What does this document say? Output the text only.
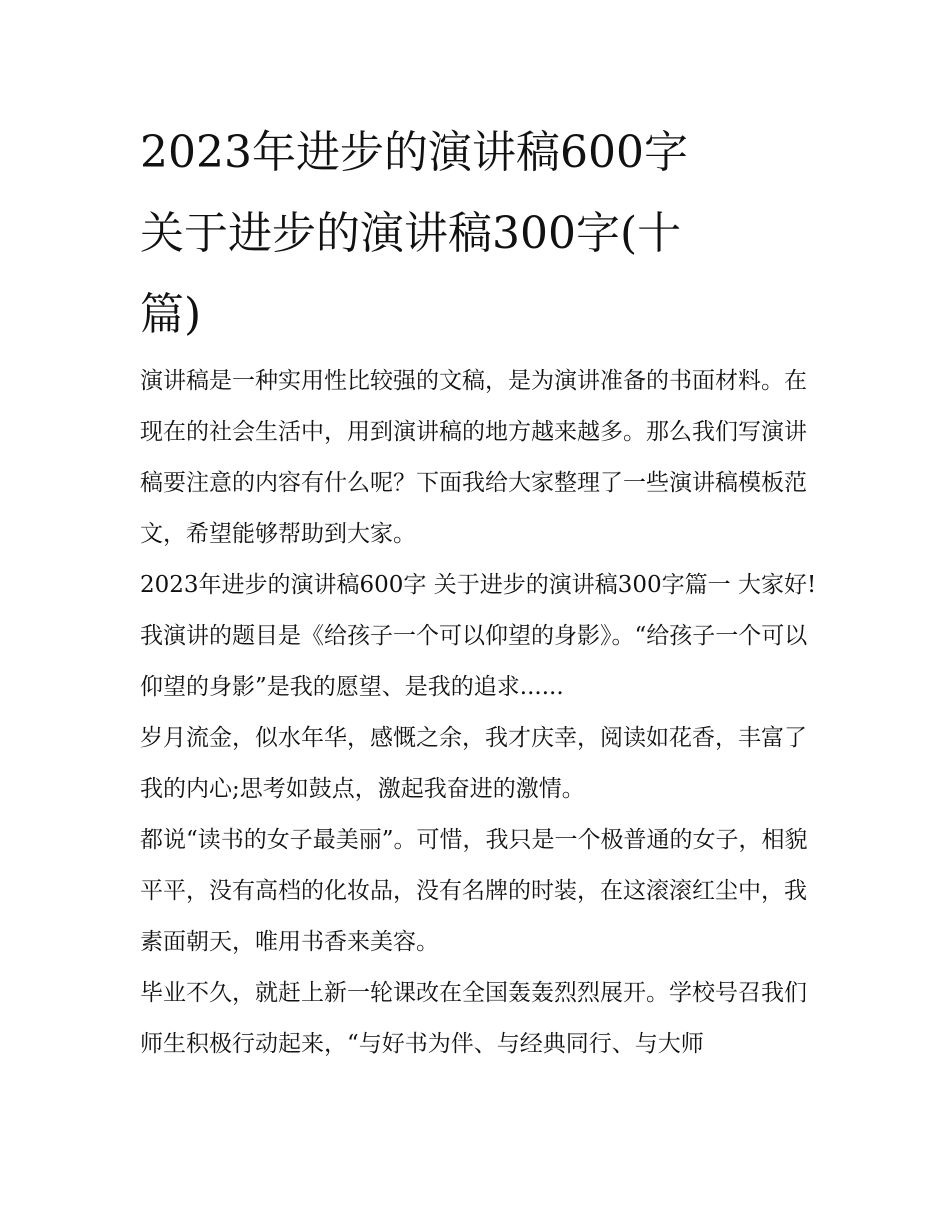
2023年进步的演讲稿600字
关于进步的演讲稿300字(十
篇)

演讲稿是一种实用性比较强的文稿，是为演讲准备的书面材料。在现在的社会生活中，用到演讲稿的地方越来越多。那么我们写演讲稿要注意的内容有什么呢？下面我给大家整理了一些演讲稿模板范文，希望能够帮助到大家。

2023年进步的演讲稿600字 关于进步的演讲稿300字篇一 大家好!

我演讲的题目是《给孩子一个可以仰望的身影》。“给孩子一个可以仰望的身影”是我的愿望、是我的追求......

岁月流金，似水年华，感慨之余，我才庆幸，阅读如花香，丰富了我的内心;思考如鼓点，激起我奋进的激情。

都说“读书的女子最美丽”。可惜，我只是一个极普通的女子，相貌平平，没有高档的化妆品，没有名牌的时装，在这滚滚红尘中，我素面朝天，唯用书香来美容。

毕业不久，就赶上新一轮课改在全国轰轰烈烈展开。学校号召我们师生积极行动起来，“与好书为伴、与经典同行、与大师
